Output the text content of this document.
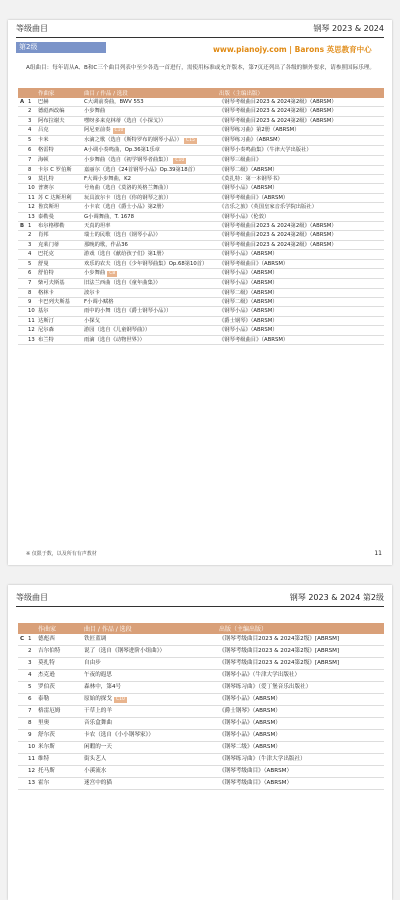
等级曲目	钢琴 2023 & 2024
第2级	www.pianojy.com | Barons 英思教育中心
A组曲目：每年请从A、B和C三个曲目列表中至少各选一首进行，需使用标准或允许版本，第7页还列出了各级的额外要求，请参照国际乐理。
		作曲家	曲目 / 作品 / 选段	出版（主编出版）
A	1	巴赫	C大调前奏曲，BWV 553	《钢琴考级曲目2023 & 2024第2级》（ABRSM）
	2	德彪西改编	小步舞曲	《钢琴考级曲目2023 & 2024第2级》（ABRSM）
	3	阿布拉谢夫	嘿呀多来克林蒂（选自《小探戈》）	《钢琴考级曲目2023 & 2024第2级》（ABRSM）
	4	吕克	阿尼亚前奏 C10	《钢琴练习曲》第2册（ABRSM）
	5	卡米	水滴之歌（选自《斯特罗布的钢琴小品》） C15	《钢琴练习曲》（ABRSM）
	6	格雷特	A小调小奏鸣曲，Op.36第1乐章	《钢琴小奏鸣曲集》（牛津大学出版社）
	7	海顿	小步舞曲（选自《初学钢琴者曲集》） C10	《钢琴三级曲目》
	8	卡尔 C 罗伯斯	嘉丽尔（选自《24首钢琴小品》Op.39第18首）	《钢琴二级》（ABRSM）
	9	莫扎特	F大调小步舞曲，K2	《莫扎特：第一本钢琴书》
	10	普赛尔	号角曲（选自《莫洛的英格兰舞曲》）	《钢琴小品》（ABRSM）
	11	苏 C 达斯坦利	玩具波尔卡（选自《你的钢琴之旅》）	《钢琴考级曲目》（ABRSM）
	12	鲁宾斯坦	小卡农（选自《爵士小品》第2册）	《音乐之旅》（英国皇家音乐学院出版社）
	13	泰勒曼	G小调舞曲，T. 1678	《钢琴小品》（伦敦）
B	1	布尔格缪勒	天真的坦率	《钢琴考级曲目2023 & 2024第2级》（ABRSM）
	2	肖邦	瑞士的民歌（选自《钢琴小品》）	《钢琴考级曲目2023 & 2024第2级》（ABRSM）
	3	克莱门蒂	那晚的歌，作品36	《钢琴考级曲目2023 & 2024第2级》（ABRSM）
	4	巴托克	游戏（选自《献给孩子们》第1册）	《钢琴小品》（ABRSM）
	5	舒曼	欢乐的农夫（选自《少年钢琴曲集》Op.68第10首）	《钢琴考级曲目》（ABRSM）
	6	舒伯特	小步舞曲 C8	《钢琴小品》（ABRSM）
	7	柴可夫斯基	旧法兰西曲（选自《童年曲集》）	《钢琴小品》（ABRSM）
	8	格林卡	波尔卡	《钢琴二级》（ABRSM）
	9	卡巴列夫斯基	F小调小赋格	《钢琴二级》（ABRSM）
	10	基尔	雨中的小舞（选自《爵士钢琴小品》）	《钢琴小品》（ABRSM）
	11	达斯汀	小探戈	《爵士钢琴》（ABRSM）
	12	尼尔森	游园（选自《儿童钢琴曲》）	《钢琴小品》（ABRSM）
	13	布兰特	雨滴（选自《动物世界》）	《钢琴考级曲目》（ABRSM）
※ 仅限于数，以及所有有声教材	11
等级曲目	钢琴 2023 & 2024 第2级
		作曲家	曲目 / 作品 / 选段	出版（主编出版）
C	1	德彪西	铁匠蓝调	《钢琴考级曲目2023 & 2024第2级》[ABRSM]
	2	吉尔伯特	说了（选自《钢琴进阶小组曲》）	《钢琴考级曲目2023 & 2024第2级》[ABRSM]
	3	莫扎特	自由步	《钢琴考级曲目2023 & 2024第2级》[ABRSM]
	4	杰克逊	午夜的遐思	《钢琴小品》（牛津大学出版社）
	5	罗伯茨	森林中，第4号	《钢琴练习曲》（爱丁堡音乐出版社）
	6	泰勒	原始的探戈 C10	《钢琴小品》（ABRSM）
	7	格雷厄姆	干草上的羊	《爵士钢琴》（ABRSM）
	8	里奥	音乐盒舞曲	《钢琴小品》（ABRSM）
	9	舒尔茨	卡农（选自《小小钢琴家》）	《钢琴小品》（ABRSM）
	10	米尔斯	闲暇的一天	《钢琴二级》（ABRSM）
	11	维特	街头艺人	《钢琴练习曲》（牛津大学出版社）
	12	托马斯	小溪流水	《钢琴考级曲目》（ABRSM）
	13	霍尔	迷宫中的猫	《钢琴考级曲目》（ABRSM）
